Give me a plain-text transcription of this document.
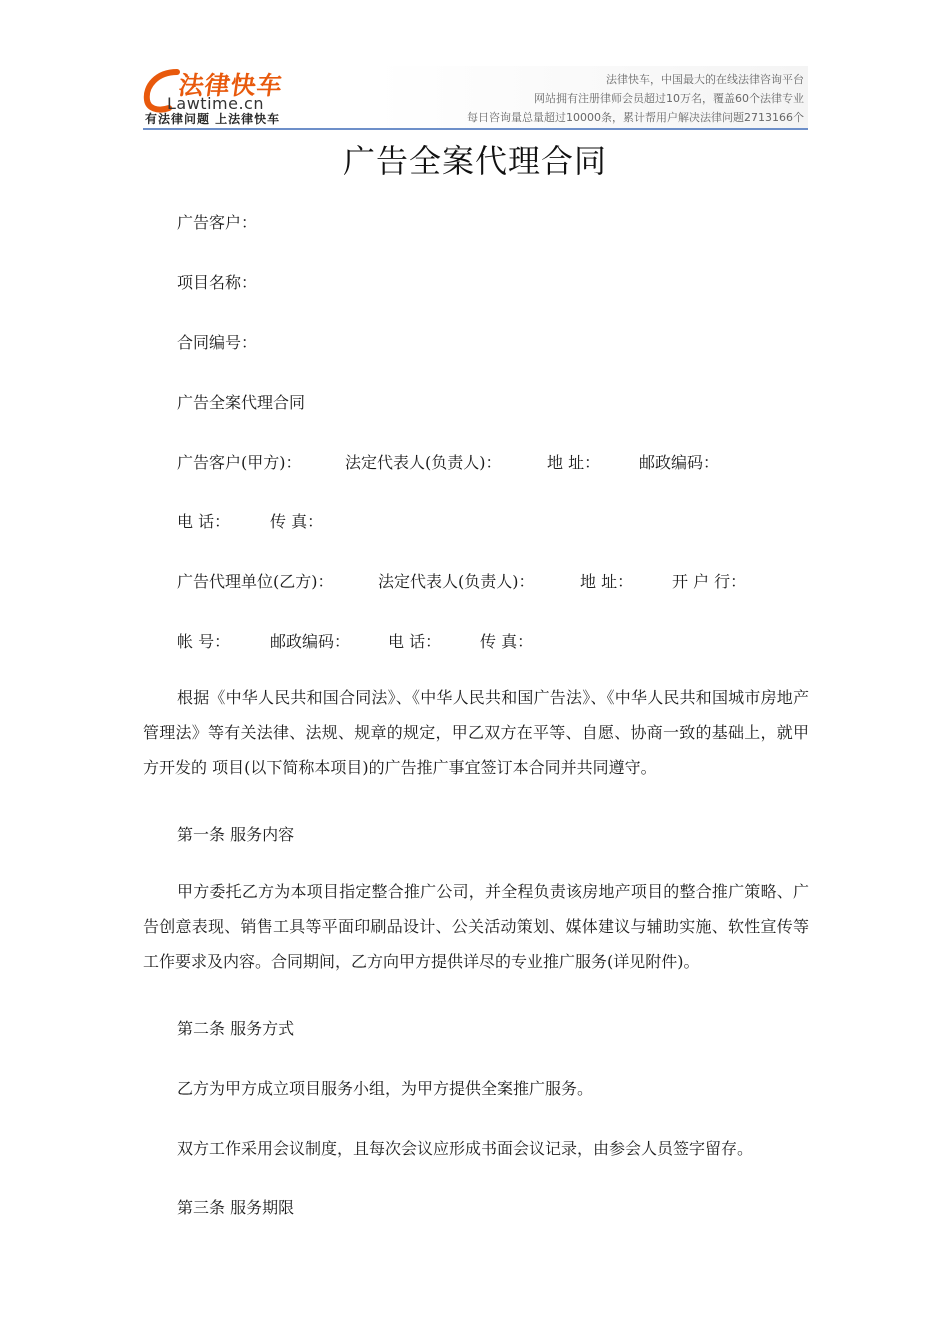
法律快车
Lawtime.cn
有法律问题 上法律快车
法律快车，中国最大的在线法律咨询平台
网站拥有注册律师会员超过10万名，覆盖60个法律专业
每日咨询量总量超过10000条，累计帮用户解决法律问题2713166个
广告全案代理合同
广告客户：
项目名称：
合同编号：
广告全案代理合同
广告客户(甲方)：	法定代表人(负责人)：	地 址： 邮政编码：
电 话： 传 真：
广告代理单位(乙方)：	法定代表人(负责人)：	地 址： 开 户 行：
帐 号： 邮政编码： 电 话： 传 真：

根据《中华人民共和国合同法》、《中华人民共和国广告法》、《中华人民共和国城市房地产管理法》等有关法律、法规、规章的规定，甲乙双方在平等、自愿、协商一致的基础上，就甲方开发的 项目(以下简称本项目)的广告推广事宜签订本合同并共同遵守。

第一条 服务内容

甲方委托乙方为本项目指定整合推广公司，并全程负责该房地产项目的整合推广策略、广告创意表现、销售工具等平面印刷品设计、公关活动策划、媒体建议与辅助实施、软性宣传等工作要求及内容。合同期间，乙方向甲方提供详尽的专业推广服务(详见附件)。

第二条 服务方式
乙方为甲方成立项目服务小组，为甲方提供全案推广服务。
双方工作采用会议制度，且每次会议应形成书面会议记录，由参会人员签字留存。
第三条 服务期限
